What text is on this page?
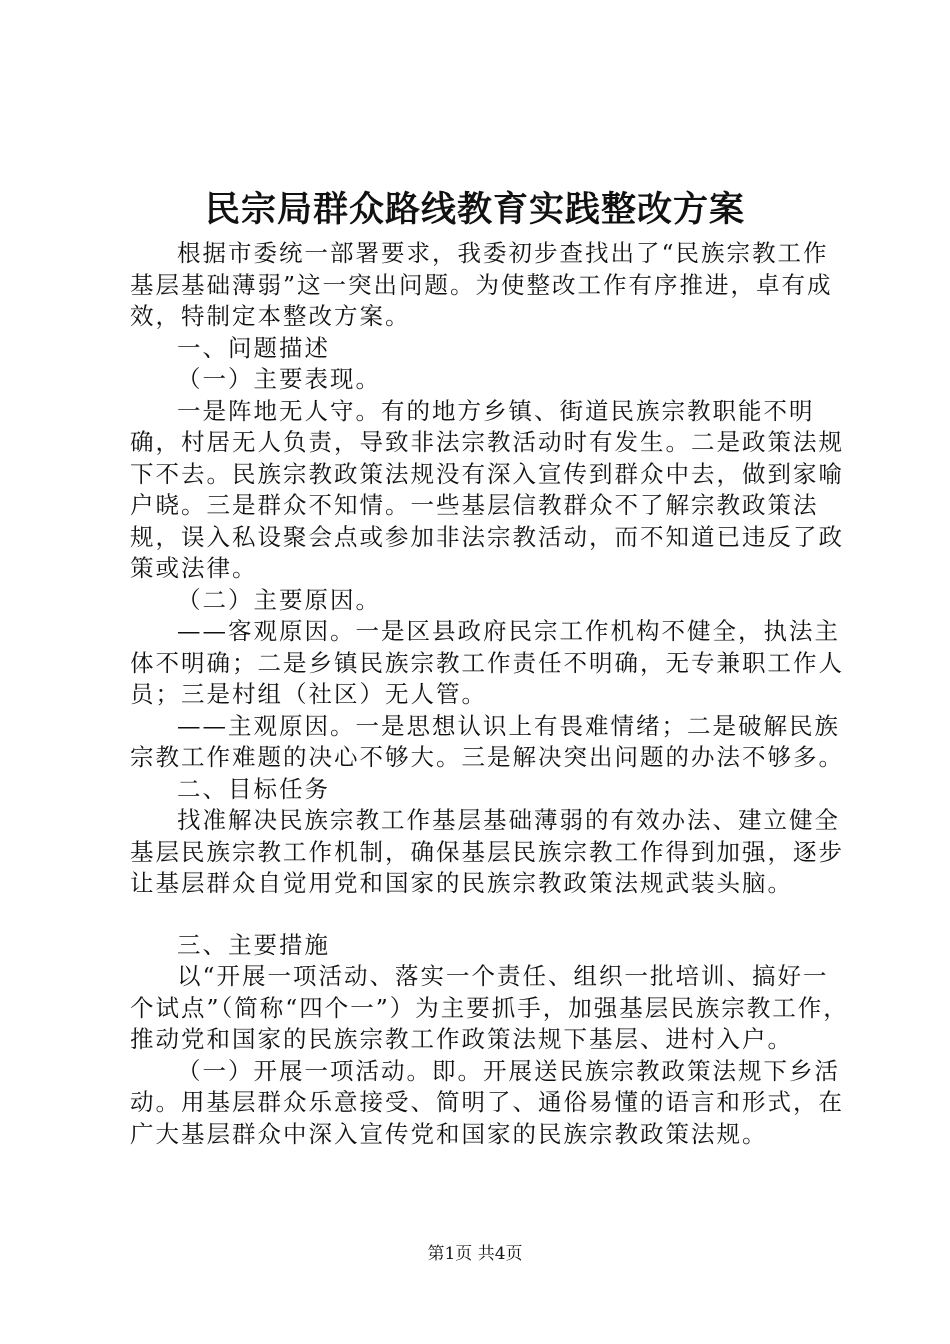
民宗局群众路线教育实践整改方案

根据市委统一部署要求，我委初步查找出了“民族宗教工作基层基础薄弱”这一突出问题。为使整改工作有序推进，卓有成效，特制定本整改方案。

一、问题描述

（一）主要表现。

一是阵地无人守。有的地方乡镇、街道民族宗教职能不明确，村居无人负责，导致非法宗教活动时有发生。二是政策法规下不去。民族宗教政策法规没有深入宣传到群众中去，做到家喻户晓。三是群众不知情。一些基层信教群众不了解宗教政策法规，误入私设聚会点或参加非法宗教活动，而不知道已违反了政策或法律。

（二）主要原因。

——客观原因。一是区县政府民宗工作机构不健全，执法主体不明确；二是乡镇民族宗教工作责任不明确，无专兼职工作人员；三是村组（社区）无人管。

——主观原因。一是思想认识上有畏难情绪；二是破解民族宗教工作难题的决心不够大。三是解决突出问题的办法不够多。

二、目标任务

找准解决民族宗教工作基层基础薄弱的有效办法、建立健全基层民族宗教工作机制，确保基层民族宗教工作得到加强，逐步让基层群众自觉用党和国家的民族宗教政策法规武装头脑。

三、主要措施

以“开展一项活动、落实一个责任、组织一批培训、搞好一个试点”（简称“四个一”）为主要抓手，加强基层民族宗教工作，推动党和国家的民族宗教工作政策法规下基层、进村入户。

（一）开展一项活动。即。开展送民族宗教政策法规下乡活动。用基层群众乐意接受、简明了、通俗易懂的语言和形式，在广大基层群众中深入宣传党和国家的民族宗教政策法规。

第1页 共4页
